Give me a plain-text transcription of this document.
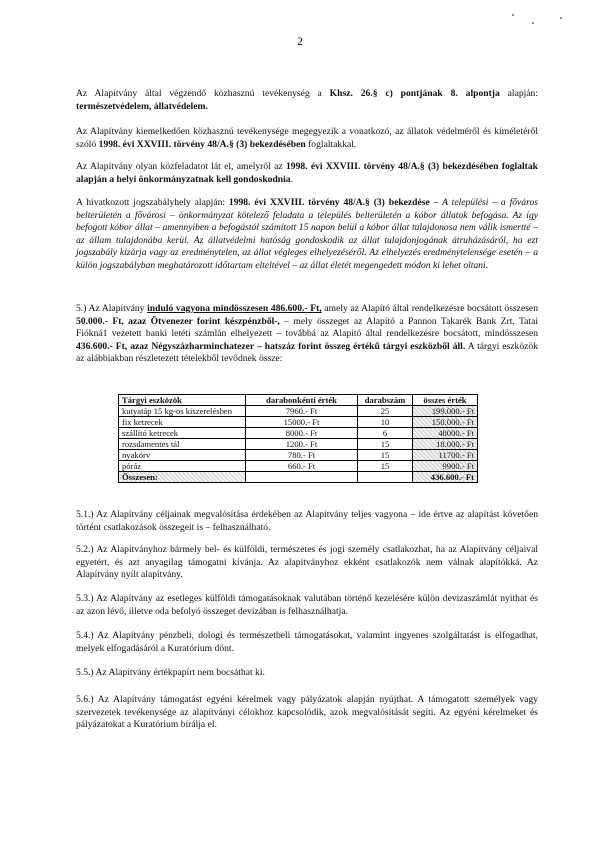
2

Az Alapítvány által végzendő közhasznú tevékenység a Khsz. 26.§ c) pontjának 8. alpontja alapján: természetvédelem, állatvédelem.

Az Alapítvány kiemelkedően közhasznú tevékenysége megegyezik a vonatkozó, az állatok védelméről és kíméletéről szóló 1998. évi XXVIII. törvény 48/A.§ (3) bekezdésében foglaltakkal.

Az Alapítvány olyan közfeladatot lát el, amelyről az 1998. évi XXVIII. törvény 48/A.§ (3) bekezdésében foglaltak alapján a helyi önkormányzatnak kell gondoskodnia.

A hivatkozott jogszabályhely alapján: 1998. évi XXVIII. törvény 48/A.§ (3) bekezdése – A települési – a főváros belterületén a fővárosi – önkormányzat kötelező feladata a település belterületén a kóbor állatok befogása. Az így befogott kóbor állat – amennyiben a befogástól számított 15 napon belül a kóbor állat tulajdonosa nem válik ismertté – az állam tulajdonába kerül. Az állatvédelmi hatóság gondoskodik az állat tulajdonjogának átruházásáról, ha ezt jogszabály kizárja vagy az eredménytelen, az állat végleges elhelyezéséről. Az elhelyezés eredménytelensége esetén – a külön jogszabályban meghatározott időtartam elteltével – az állat életét megengedett módon ki lehet oltani.

5.) Az Alapítvány induló vagyona mindösszesen 486.600.- Ft, amely az Alapító által rendelkezésre bocsátott összesen 50.000.- Ft, azaz Ötvenezer forint készpénzből-, – mely összeget az Alapító a Pannon Takarék Bank Zrt. Tatai Fiókná1 vezetett banki letéti számlán elhelyezett – továbbá az Alapító által rendelkezésre bocsátott, mindösszesen 436.600.- Ft, azaz Négyszázharminchatezer – hatszáz forint összeg értékű tárgyi eszközből áll. A tárgyi eszközök az alábbiakban részletezett tételekből tevődnek össze:

Tárgyi eszközök	darabonkénti érték	darabszám	összes érték
kutyatáp 15 kg-os kiszerelésben	7960.- Ft	25	199.000.- Ft
fix ketrecek	15000.- Ft	10	150.000.- Ft
szállító ketrecek	8000.- Ft	6	48000.- Ft
rozsdamentes tál	1200.- Ft	15	18.000.- Ft
nyakörv	780.- Ft	15	11700.- Ft
póráz	660.- Ft	15	9900.- Ft
Összesen:			436.600.- Ft

5.1.) Az Alapítvány céljainak megvalósítása érdekében az Alapítvány teljes vagyona – ide értve az alapítást követően történt csatlakozások összegeit is – felhasználható.

5.2.) Az Alapítványhoz bármely bel- és külföldi, természetes és jogi személy csatlakozhat, ha az Alapítvány céljaival egyetért, és azt anyagilag támogatni kívánja. Az alapítványhoz ekként csatlakozók nem válnak alapítókká. Az Alapítvány nyílt alapítvány.

5.3.) Az Alapítvány az esetleges külföldi támogatásoknak valutában történő kezelésére külön devizaszámlát nyithat és az azon lévő, illetve oda befolyó összeget devizában is felhasználhatja.

5.4.) Az Alapítvány pénzbeli, dologi és természetbeli támogatásokat, valamint ingyenes szolgáltatást is elfogadhat, melyek elfogadásáról a Kuratórium dönt.

5.5.) Az Alapítvány értékpapírt nem bocsáthat ki.

5.6.) Az Alapítvány támogatást egyéni kérelmek vagy pályázatok alapján nyújthat. A támogatott személyek vagy szervezetek tevékenysége az alapítványi célokhoz kapcsolódik, azok megvalósítását segíti. Az egyéni kérelmeket és pályázatokat a Kuratórium bírálja el.
